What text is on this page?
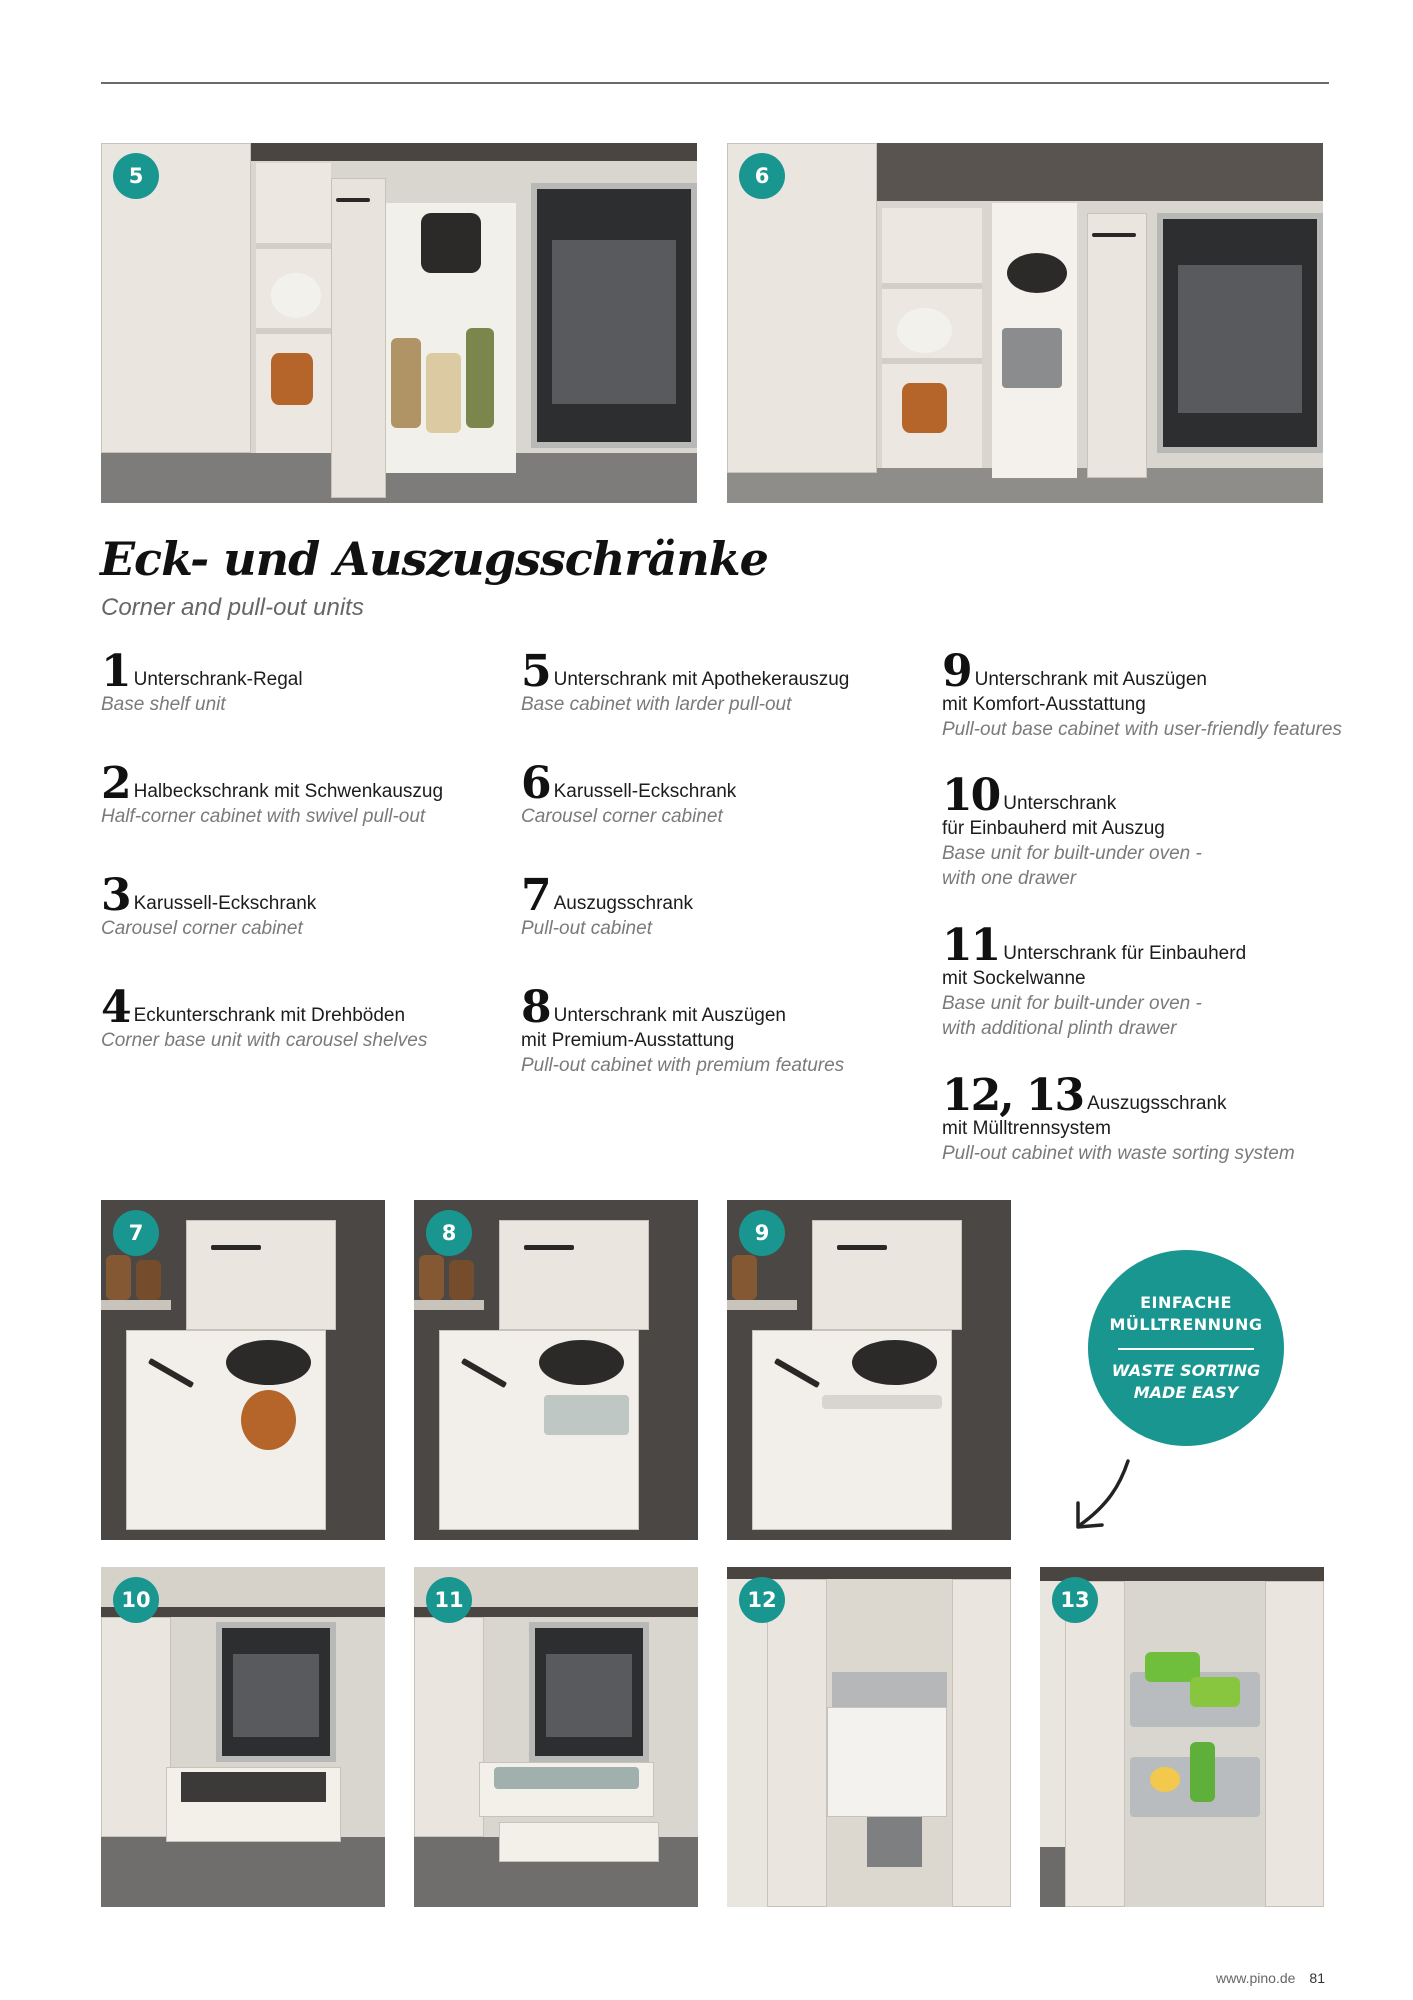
5	6
Eck- und Auszugsschränke
Corner and pull-out units
1 Unterschrank-Regal
Base shelf unit
2 Halbeckschrank mit Schwenkauszug
Half-corner cabinet with swivel pull-out
3 Karussell-Eckschrank
Carousel corner cabinet
4 Eckunterschrank mit Drehböden
Corner base unit with carousel shelves
5 Unterschrank mit Apothekerauszug
Base cabinet with larder pull-out
6 Karussell-Eckschrank
Carousel corner cabinet
7 Auszugsschrank
Pull-out cabinet
8 Unterschrank mit Auszügen
mit Premium-Ausstattung
Pull-out cabinet with premium features
9 Unterschrank mit Auszügen
mit Komfort-Ausstattung
Pull-out base cabinet with user-friendly features
10 Unterschrank
für Einbauherd mit Auszug
Base unit for built-under oven -
with one drawer
11 Unterschrank für Einbauherd
mit Sockelwanne
Base unit for built-under oven -
with additional plinth drawer
12, 13 Auszugsschrank
mit Mülltrennsystem
Pull-out cabinet with waste sorting system
7	8	9
EINFACHE
MÜLLTRENNUNG
WASTE SORTING
MADE EASY
10	11	12	13
www.pino.de 81
